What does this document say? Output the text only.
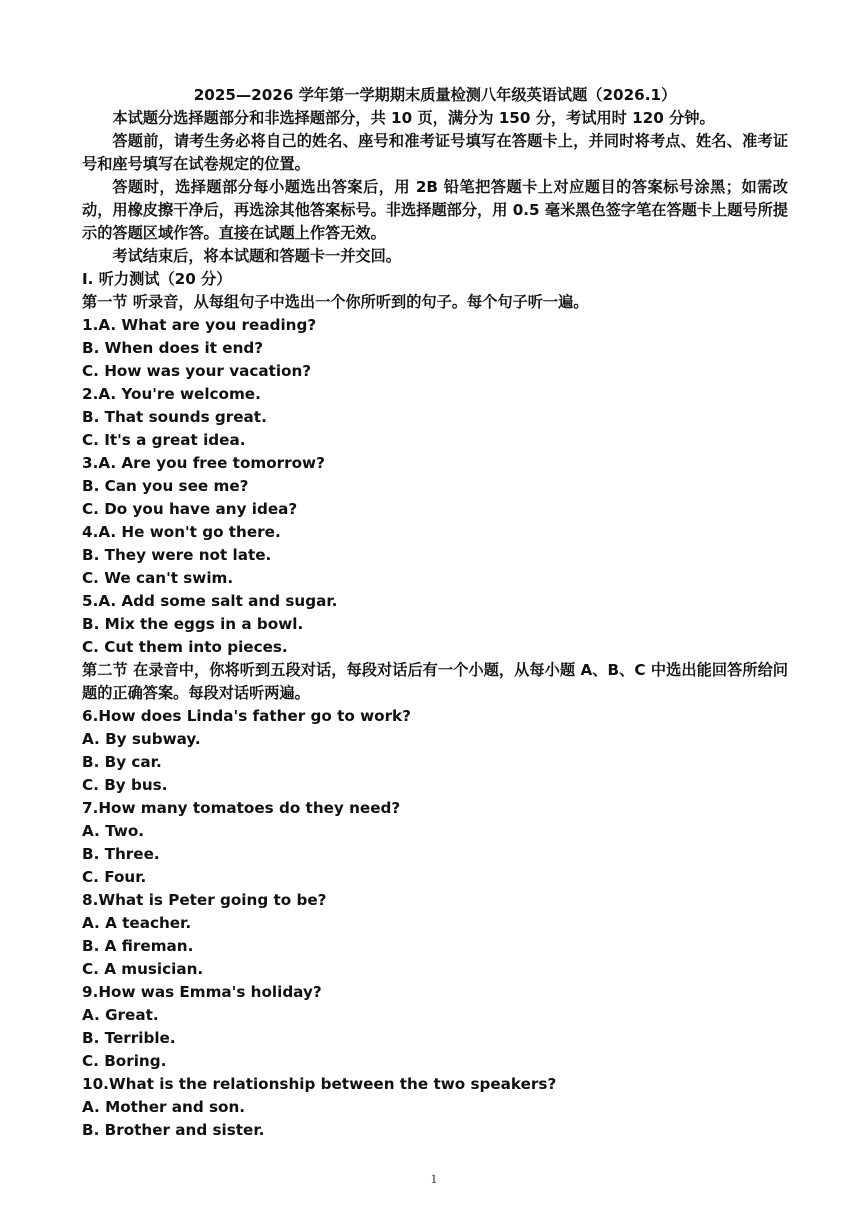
2025—2026 学年第一学期期末质量检测八年级英语试题（2026.1）

本试题分选择题部分和非选择题部分，共 10 页，满分为 150 分，考试用时 120 分钟。

答题前，请考生务必将自己的姓名、座号和准考证号填写在答题卡上，并同时将考点、姓名、准考证号和座号填写在试卷规定的位置。

答题时，选择题部分每小题选出答案后，用 2B 铅笔把答题卡上对应题目的答案标号涂黑；如需改动，用橡皮擦干净后，再选涂其他答案标号。非选择题部分，用 0.5 毫米黑色签字笔在答题卡上题号所提示的答题区域作答。直接在试题上作答无效。

考试结束后，将本试题和答题卡一并交回。

I. 听力测试（20 分）

第一节 听录音，从每组句子中选出一个你所听到的句子。每个句子听一遍。

1.A. What are you reading?

B. When does it end?

C. How was your vacation?

2.A. You're welcome.

B. That sounds great.

C. It's a great idea.

3.A. Are you free tomorrow?

B. Can you see me?

C. Do you have any idea?

4.A. He won't go there.

B. They were not late.

C. We can't swim.

5.A. Add some salt and sugar.

B. Mix the eggs in a bowl.

C. Cut them into pieces.

第二节 在录音中，你将听到五段对话，每段对话后有一个小题，从每小题 A、B、C 中选出能回答所给问题的正确答案。每段对话听两遍。

6.How does Linda's father go to work?

A. By subway.

B. By car.

C. By bus.

7.How many tomatoes do they need?

A. Two.

B. Three.

C. Four.

8.What is Peter going to be?

A. A teacher.

B. A fireman.

C. A musician.

9.How was Emma's holiday?

A. Great.

B. Terrible.

C. Boring.

10.What is the relationship between the two speakers?

A. Mother and son.

B. Brother and sister.

1
